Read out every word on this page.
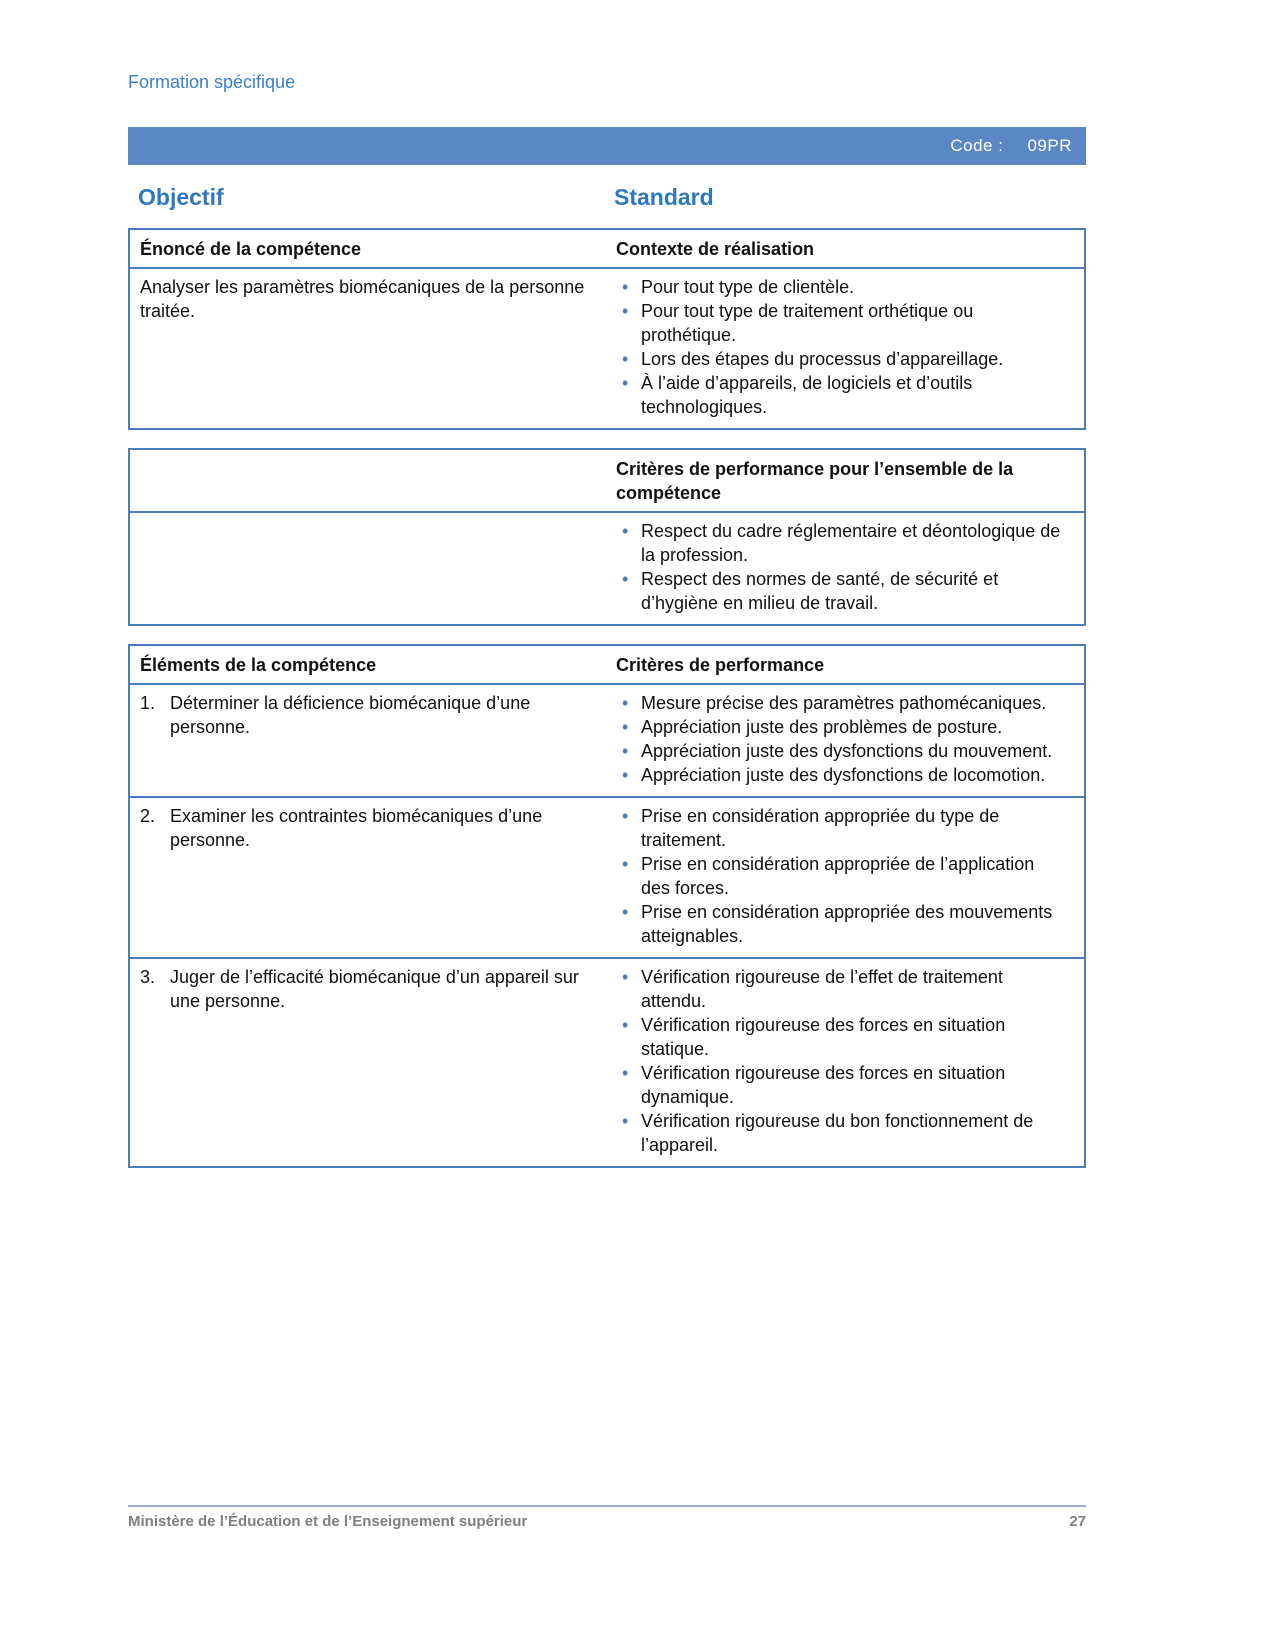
Formation spécifique
Code : 09PR
Objectif	Standard
Énoncé de la compétence	Contexte de réalisation
Analyser les paramètres biomécaniques de la personne traitée.
• Pour tout type de clientèle.
• Pour tout type de traitement orthétique ou prothétique.
• Lors des étapes du processus d’appareillage.
• À l’aide d’appareils, de logiciels et d’outils technologiques.
Critères de performance pour l’ensemble de la compétence
• Respect du cadre réglementaire et déontologique de la profession.
• Respect des normes de santé, de sécurité et d’hygiène en milieu de travail.
Éléments de la compétence	Critères de performance
1. Déterminer la déficience biomécanique d’une personne.
• Mesure précise des paramètres pathomécaniques.
• Appréciation juste des problèmes de posture.
• Appréciation juste des dysfonctions du mouvement.
• Appréciation juste des dysfonctions de locomotion.
2. Examiner les contraintes biomécaniques d’une personne.
• Prise en considération appropriée du type de traitement.
• Prise en considération appropriée de l’application des forces.
• Prise en considération appropriée des mouvements atteignables.
3. Juger de l’efficacité biomécanique d’un appareil sur une personne.
• Vérification rigoureuse de l’effet de traitement attendu.
• Vérification rigoureuse des forces en situation statique.
• Vérification rigoureuse des forces en situation dynamique.
• Vérification rigoureuse du bon fonctionnement de l’appareil.
Ministère de l’Éducation et de l’Enseignement supérieur	27
